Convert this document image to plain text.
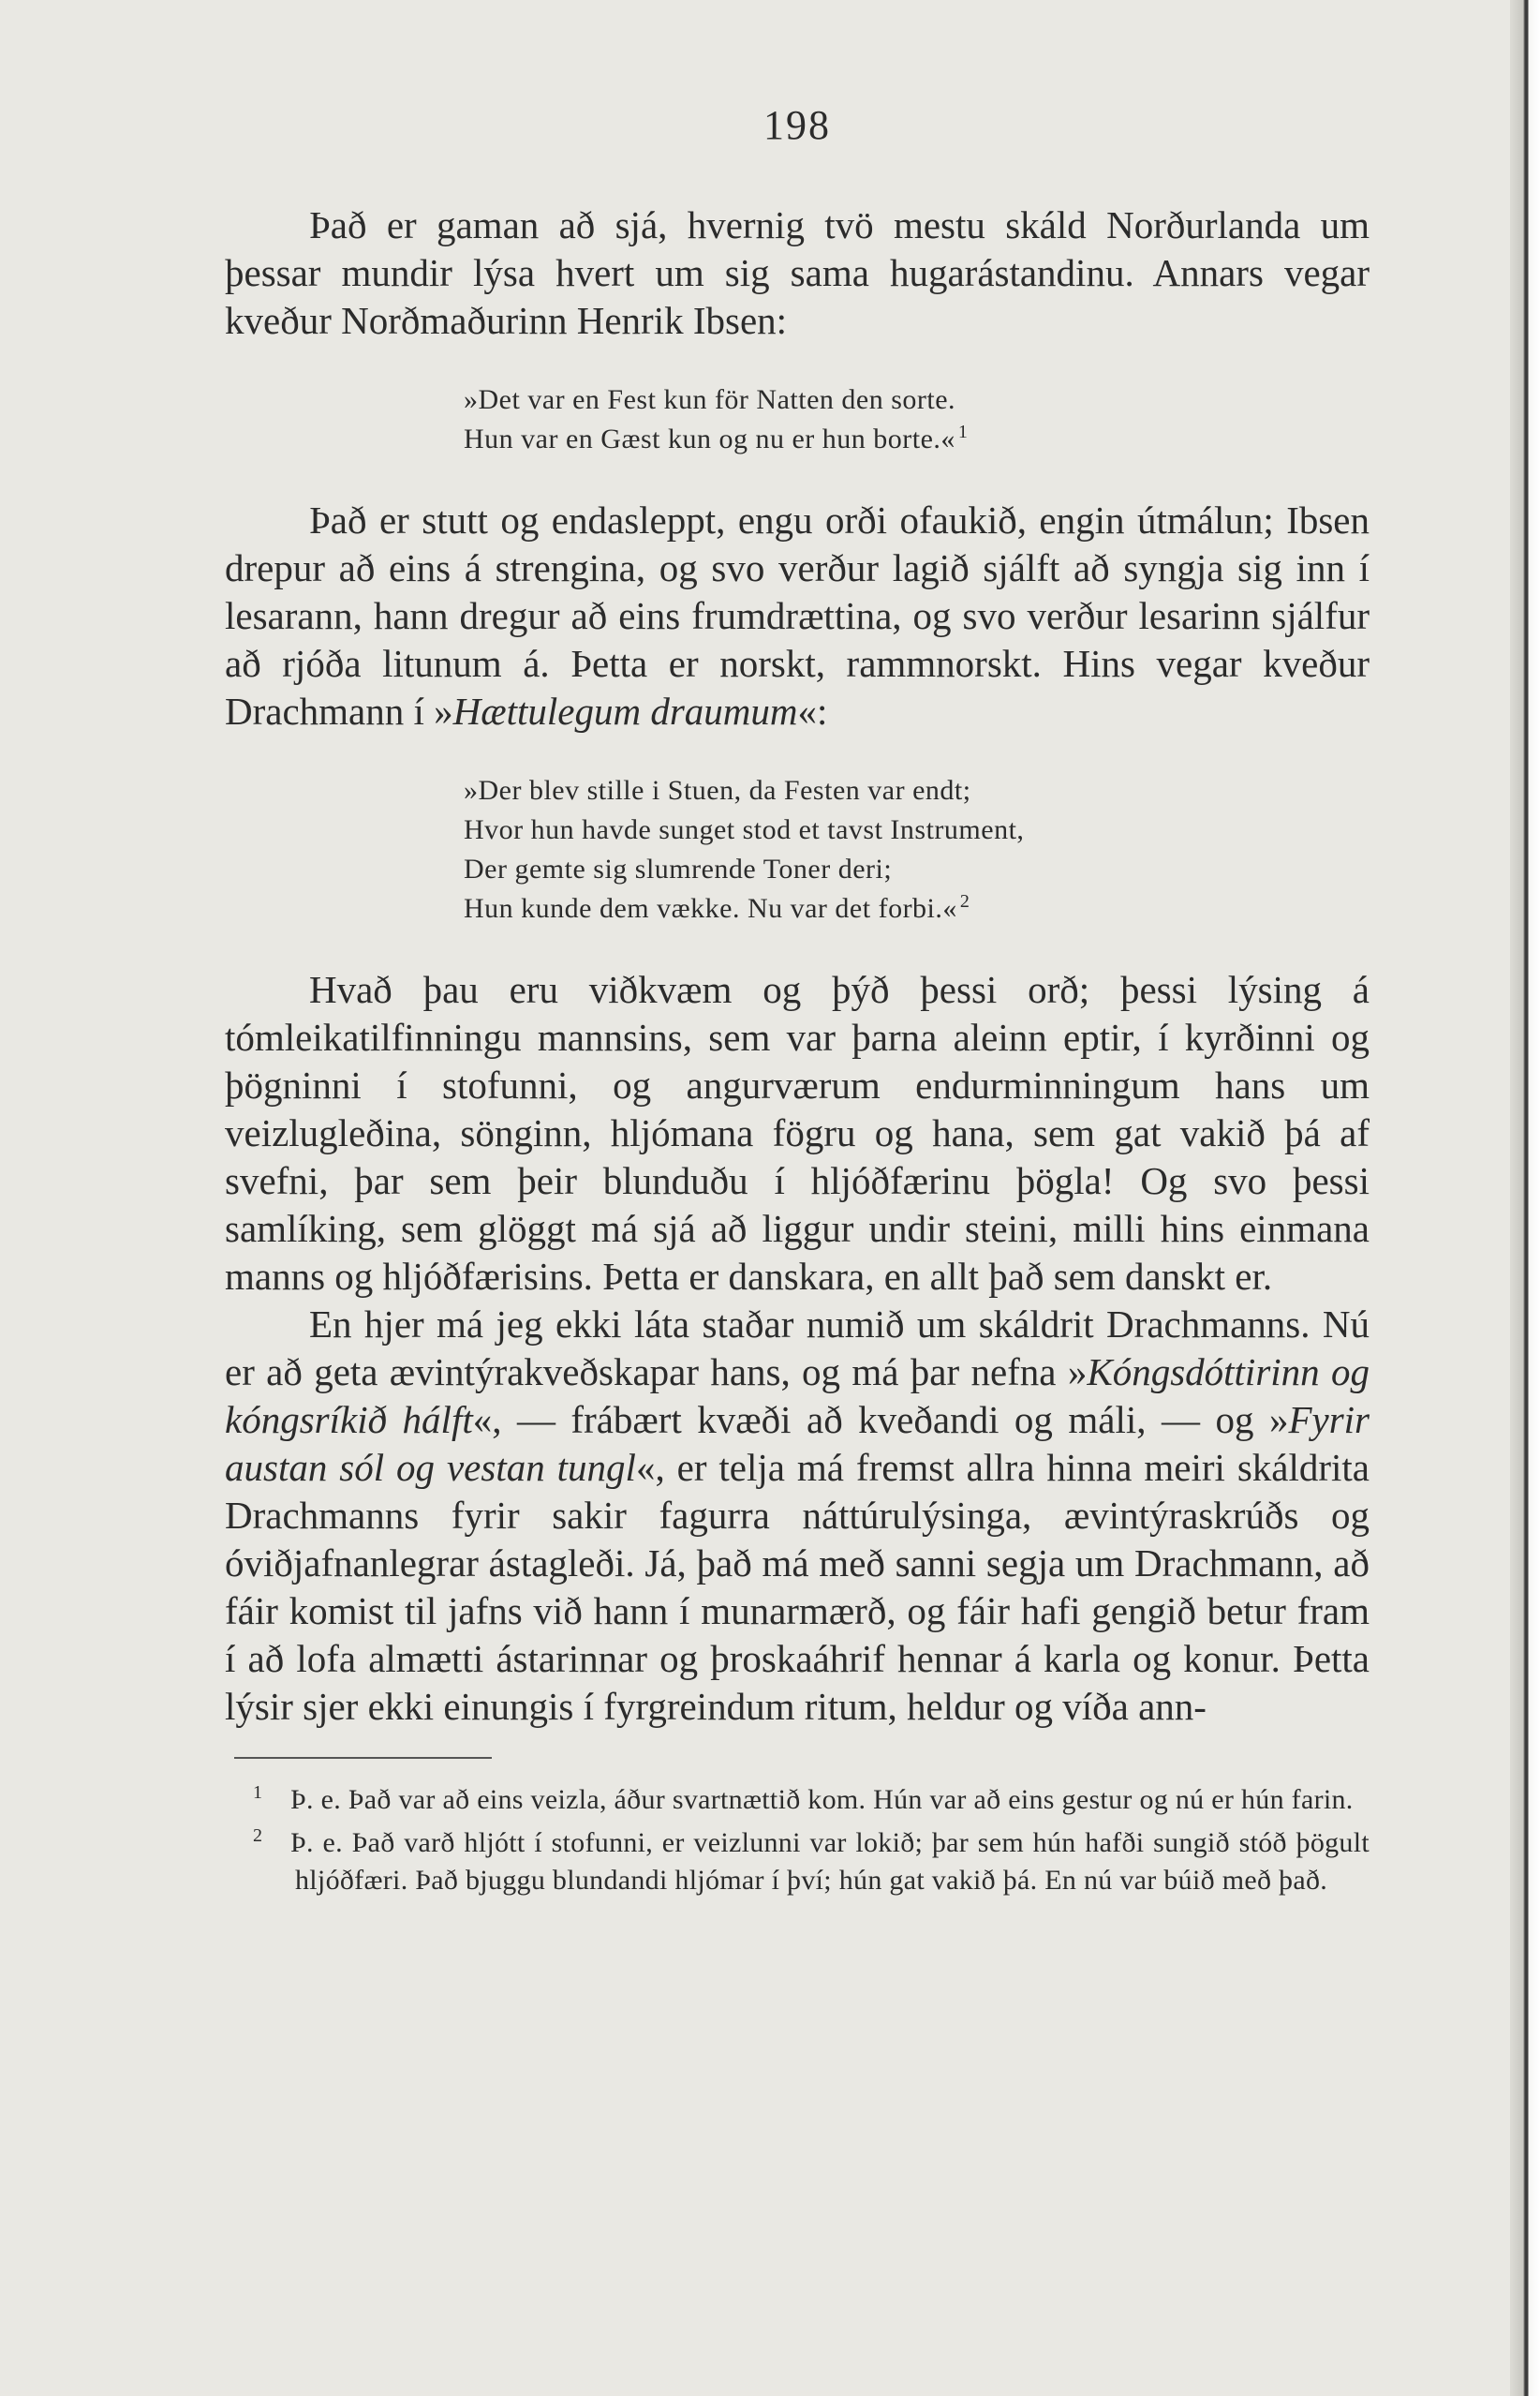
198

Það er gaman að sjá, hvernig tvö mestu skáld Norðurlanda um þessar mundir lýsa hvert um sig sama hugarástandinu. Annars vegar kveður Norðmaðurinn Henrik Ibsen:

»Det var en Fest kun för Natten den sorte.
Hun var en Gæst kun og nu er hun borte.« $^1$

Það er stutt og endasleppt, engu orði ofaukið, engin útmálun; Ibsen drepur að eins á strengina, og svo verður lagið sjálft að syngja sig inn í lesarann, hann dregur að eins frumdrættina, og svo verður lesarinn sjálfur að rjóða litunum á. Þetta er norskt, rammnorskt. Hins vegar kveður Drachmann í »Hættulegum draumum«:

»Der blev stille i Stuen, da Festen var endt;
Hvor hun havde sunget stod et tavst Instrument,
Der gemte sig slumrende Toner deri;
Hun kunde dem vække. Nu var det forbi.« $^2$

Hvað þau eru viðkvæm og þýð þessi orð; þessi lýsing á tómleikatilfinningu mannsins, sem var þarna aleinn eptir, í kyrðinni og þögninni í stofunni, og angurværum endurminningum hans um veizlugleðina, sönginn, hljómana fögru og hana, sem gat vakið þá af svefni, þar sem þeir blunduðu í hljóðfærinu þögla! Og svo þessi samlíking, sem glöggt má sjá að liggur undir steini, milli hins einmana manns og hljóðfærisins. Þetta er danskara, en allt það sem danskt er.

En hjer má jeg ekki láta staðar numið um skáldrit Drachmanns. Nú er að geta ævintýrakveðskapar hans, og má þar nefna »Kóngsdóttirinn og kóngsríkið hálft«, — frábært kvæði að kveðandi og máli, — og »Fyrir austan sól og vestan tungl«, er telja má fremst allra hinna meiri skáldrita Drachmanns fyrir sakir fagurra náttúrulýsinga, ævintýraskrúðs og óviðjafnanlegrar ástagleði. Já, það má með sanni segja um Drachmann, að fáir komist til jafns við hann í munarmærð, og fáir hafi gengið betur fram í að lofa almætti ástarinnar og þroskaáhrif hennar á karla og konur. Þetta lýsir sjer ekki einungis í fyrgreindum ritum, heldur og víða ann-

1 Þ. e. Það var að eins veizla, áður svartnættið kom. Hún var að eins gestur og nú er hún farin.

2 Þ. e. Það varð hljótt í stofunni, er veizlunni var lokið; þar sem hún hafði sungið stóð þögult hljóðfæri. Það bjuggu blundandi hljómar í því; hún gat vakið þá. En nú var búið með það.
